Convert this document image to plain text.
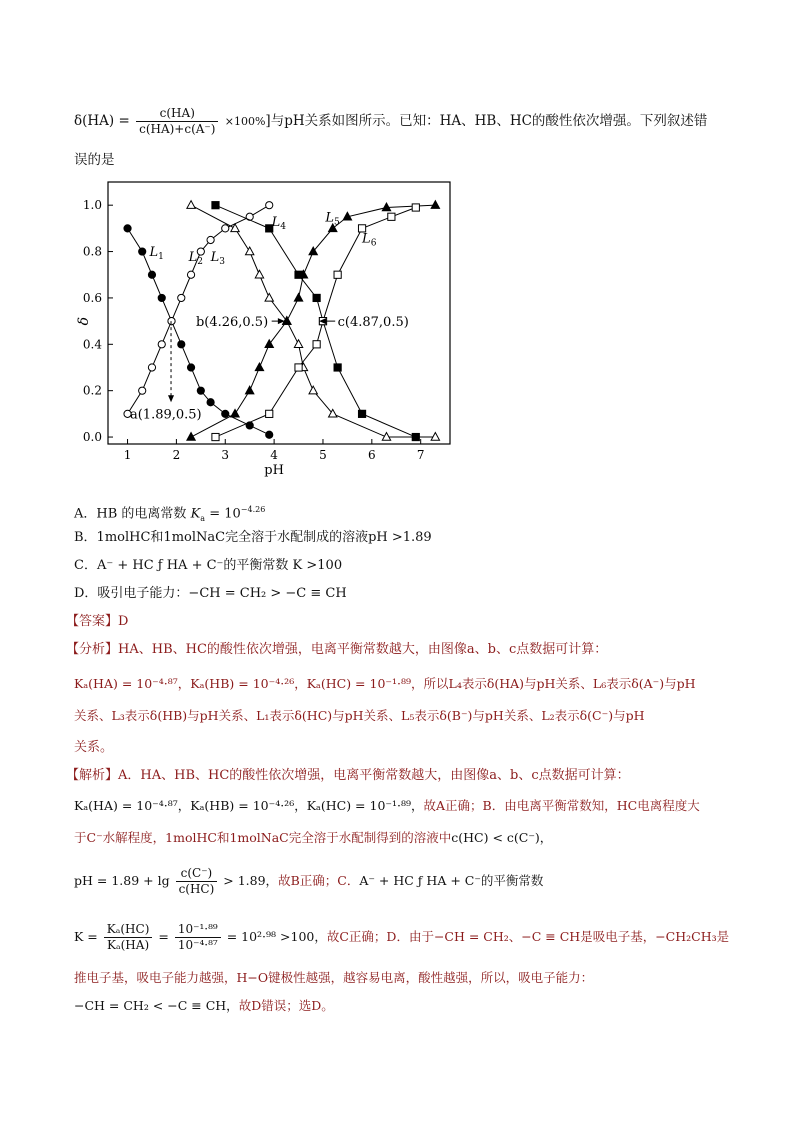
$\delta(HA) = \frac{c(HA)}{c(HA)+c(A^-)} \times 100\%$]与pH关系如图所示。已知：HA、HB、HC的酸性依次增强。下列叙述错
误的是
1	2	3	4	5	6	7
0.0
0.2
0.4
0.6
0.8
1.0
pH
δ
$L_1$ $L_2$ $L_3$
$L_4$
$L_5$
$L_6$
a(1.89,0.5)
b(4.26,0.5)	c(4.87,0.5)
A．HB 的电离常数 $K_a = 10^{-4.26}$
B．1molHC和1molNaC完全溶于水配制成的溶液pH >1.89
C．A⁻ + HC ƒ HA + C⁻的平衡常数 K >100
D．吸引电子能力：−CH = CH₂ > −C ≡ CH
【答案】D
【分析】HA、HB、HC的酸性依次增强，电离平衡常数越大，由图像a、b、c点数据可计算：
Kₐ(HA) = 10⁻⁴·⁸⁷，Kₐ(HB) = 10⁻⁴·²⁶，Kₐ(HC) = 10⁻¹·⁸⁹，所以L₄表示δ(HA)与pH关系、L₆表示δ(A⁻)与pH
关系、L₃表示δ(HB)与pH关系、L₁表示δ(HC)与pH关系、L₅表示δ(B⁻)与pH关系、L₂表示δ(C⁻)与pH
关系。
【解析】A．HA、HB、HC的酸性依次增强，电离平衡常数越大，由图像a、b、c点数据可计算：
Kₐ(HA) = 10⁻⁴·⁸⁷，Kₐ(HB) = 10⁻⁴·²⁶，Kₐ(HC) = 10⁻¹·⁸⁹，故A正确；B．由电离平衡常数知，HC电离程度大
于C⁻水解程度，1molHC和1molNaC完全溶于水配制得到的溶液中c(HC) < c(C⁻)，
pH = $1.89 + \lg \frac{c(C^-)}{c(HC)} > 1.89$，故B正确；C．A⁻ + HC ƒ HA + C⁻的平衡常数
$K = \frac{\text{Kₐ(HC)}}{\text{Kₐ(HA)}} = \frac{\text{10⁻¹·⁸⁹}}{\text{10⁻⁴·⁸⁷}} = 10^2\cdot^{98} >100$，故C正确；D．由于−CH = CH₂、−C ≡ CH是吸电子基，−CH₂CH₃是
推电子基，吸电子能力越强，H−O键极性越强，越容易电离，酸性越强，所以，吸电子能力：
−CH = CH₂ < −C ≡ CH，故D错误；选D。
